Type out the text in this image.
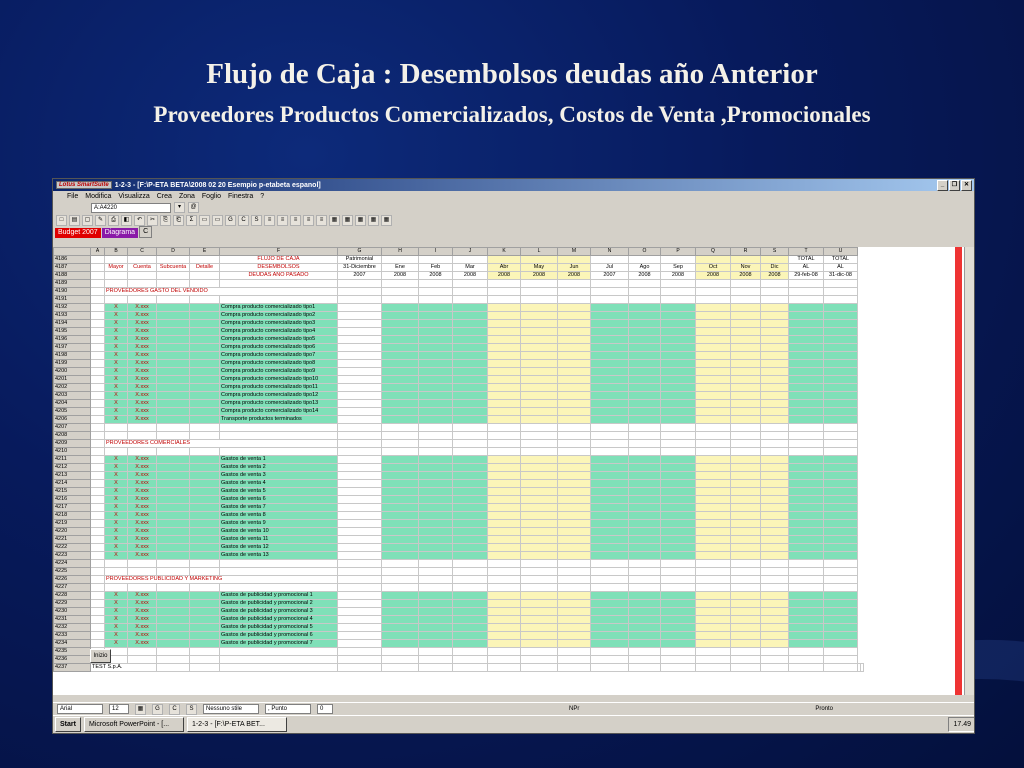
Flujo de Caja : Desembolsos deudas año Anterior
Proveedores Productos Comercializados, Costos de Venta ,Promocionales
Lotus SmartSuite 1-2-3 - [F:\P-ETA BETA\2008 02 20 Esempio p-etabeta espanol]	_	❐	✕
File Modifica Visualizza Crea Zona Foglio Finestra ?
A:A4220	▾	@
□	▤	▢	✎	⎙	◧	↶	✂	⎘	⎗	Σ	▭	▭	G	C	S	≡	≡	≡	≡	≡	▦	▦	▦	▦	▦
Budget 2007	Diagrama	C
	A	B	C	D	E	F	G	H	I	J	K	L	M	N	O	P	Q	R	S	T	U		
4186						FLUJO DE CAJA	Patrimonial													TOTAL	TOTAL		
4187		Mayor	Cuenta	Subcuenta	Detalle	DESEMBOLSOS	31-Diciembre	Ene	Feb	Mar	Abr	May	Jun	Jul	Ago	Sep	Oct	Nov	Dic	AL	AL		
4188						DEUDAS AÑO PASADO	2007	2008	2008	2008	2008	2008	2008	2007	2008	2008	2008	2008	2008	29-feb-08	31-dic-08		
4189																							
4190		PROVEEDORES GASTO DEL VENDIDO																					
4191																							
4192		X	X.xxx			Compra producto comercializado tipo1																	
4193		X	X.xxx			Compra producto comercializado tipo2																	
4194		X	X.xxx			Compra producto comercializado tipo3																	
4195		X	X.xxx			Compra producto comercializado tipo4																	
4196		X	X.xxx			Compra producto comercializado tipo5																	
4197		X	X.xxx			Compra producto comercializado tipo6																	
4198		X	X.xxx			Compra producto comercializado tipo7																	
4199		X	X.xxx			Compra producto comercializado tipo8																	
4200		X	X.xxx			Compra producto comercializado tipo9																	
4201		X	X.xxx			Compra producto comercializado tipo10																	
4202		X	X.xxx			Compra producto comercializado tipo11																	
4203		X	X.xxx			Compra producto comercializado tipo12																	
4204		X	X.xxx			Compra producto comercializado tipo13																	
4205		X	X.xxx			Compra producto comercializado tipo14																	
4206		X	X.xxx			Transporte productos terminados																	
4207																							
4208																							
4209		PROVEEDORES COMERCIALES																					
4210																							
4211		X	X.xxx			Gastos de venta 1																	
4212		X	X.xxx			Gastos de venta 2																	
4213		X	X.xxx			Gastos de venta 3																	
4214		X	X.xxx			Gastos de venta 4																	
4215		X	X.xxx			Gastos de venta 5																	
4216		X	X.xxx			Gastos de venta 6																	
4217		X	X.xxx			Gastos de venta 7																	
4218		X	X.xxx			Gastos de venta 8																	
4219		X	X.xxx			Gastos de venta 9																	
4220		X	X.xxx			Gastos de venta 10																	
4221		X	X.xxx			Gastos de venta 11																	
4222		X	X.xxx			Gastos de venta 12																	
4223		X	X.xxx			Gastos de venta 13																	
4224																							
4225																							
4226		PROVEEDORES PUBLICIDAD Y MARKETING																					
4227																							
4228		X	X.xxx			Gastos de publicidad y promocional 1																	
4229		X	X.xxx			Gastos de publicidad y promocional 2																	
4230		X	X.xxx			Gastos de publicidad y promocional 3																	
4231		X	X.xxx			Gastos de publicidad y promocional 4																	
4232		X	X.xxx			Gastos de publicidad y promocional 5																	
4233		X	X.xxx			Gastos de publicidad y promocional 6																	
4234		X	X.xxx			Gastos de publicidad y promocional 7																	
4235																							
4236																							
4237	TEST S.p.A.																						
Inizio
Arial	12	▦	G	C	S	Nessuno stile	, Punto	0	NPr	Pronto
Start	Microsoft PowerPoint - [...	1-2-3 - [F:\P-ETA BET...	17.49
